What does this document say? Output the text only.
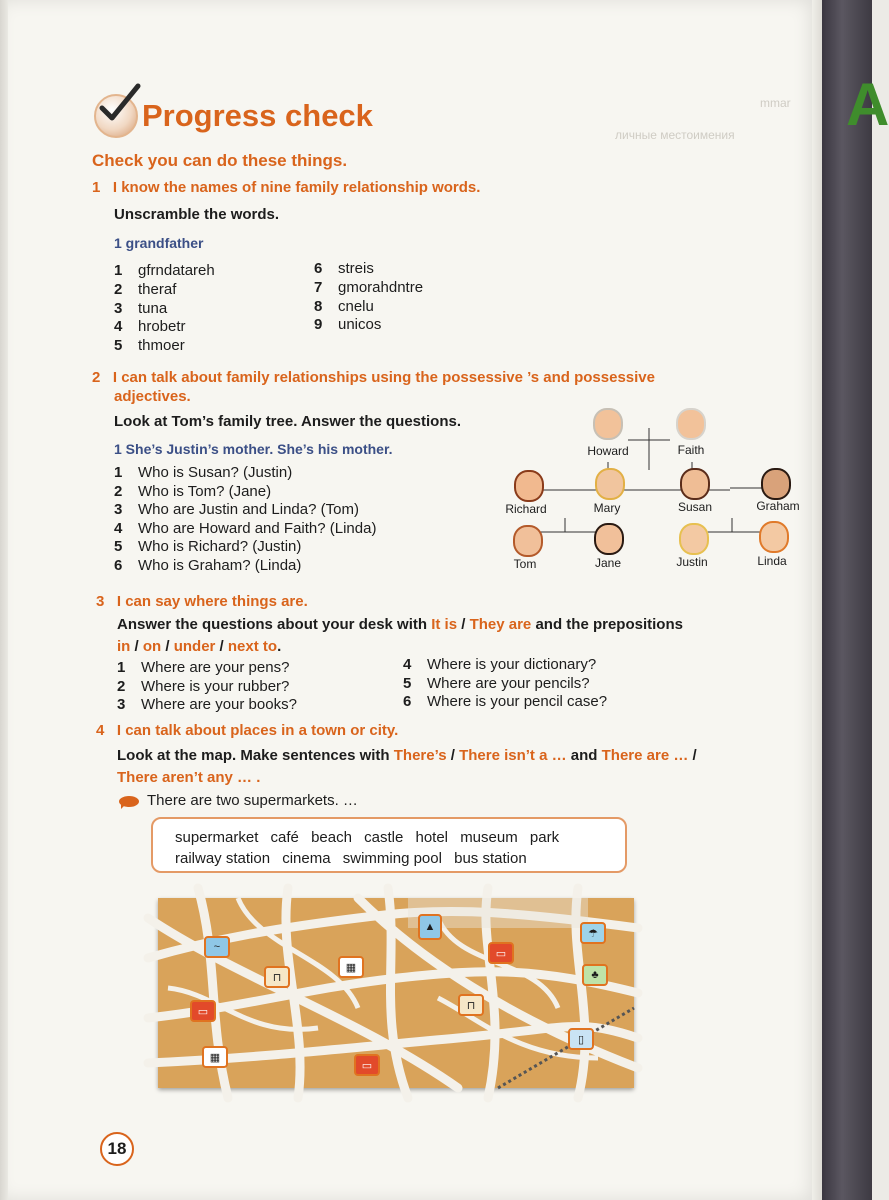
A
mmar
личные местоимения
Progress check
Check you can do these things.
1 I know the names of nine family relationship words.
Unscramble the words.
1 grandfather
1 gfrndatareh
2 theraf
3 tuna
4 hrobetr
5 thmoer
6 streis
7 gmorahdntre
8 cnelu
9 unicos
2 I can talk about family relationships using the possessive ’s and possessive
adjectives.
Look at Tom’s family tree. Answer the questions.
1 She’s Justin’s mother. She’s his mother.
1 Who is Susan? (Justin)
2 Who is Tom? (Jane)
3 Who are Justin and Linda? (Tom)
4 Who are Howard and Faith? (Linda)
5 Who is Richard? (Justin)
6 Who is Graham? (Linda)
Howard	Faith
Richard	Mary	Susan	Graham
Tom	Jane	Justin	Linda
3 I can say where things are.
Answer the questions about your desk with It is / They are and the prepositions
in / on / under / next to.
1 Where are your pens?
2 Where is your rubber?
3 Where are your books?
4 Where is your dictionary?
5 Where are your pencils?
6 Where is your pencil case?
4 I can talk about places in a town or city.
Look at the map. Make sentences with There’s / There isn’t a … and There are … /
There aren’t any … .
There are two supermarkets. …
supermarket café beach castle hotel museum park
railway station cinema swimming pool bus station
~
▲
▭
⊓
▦
☂
♣
⊓
▭
▯
▦
▭
18
